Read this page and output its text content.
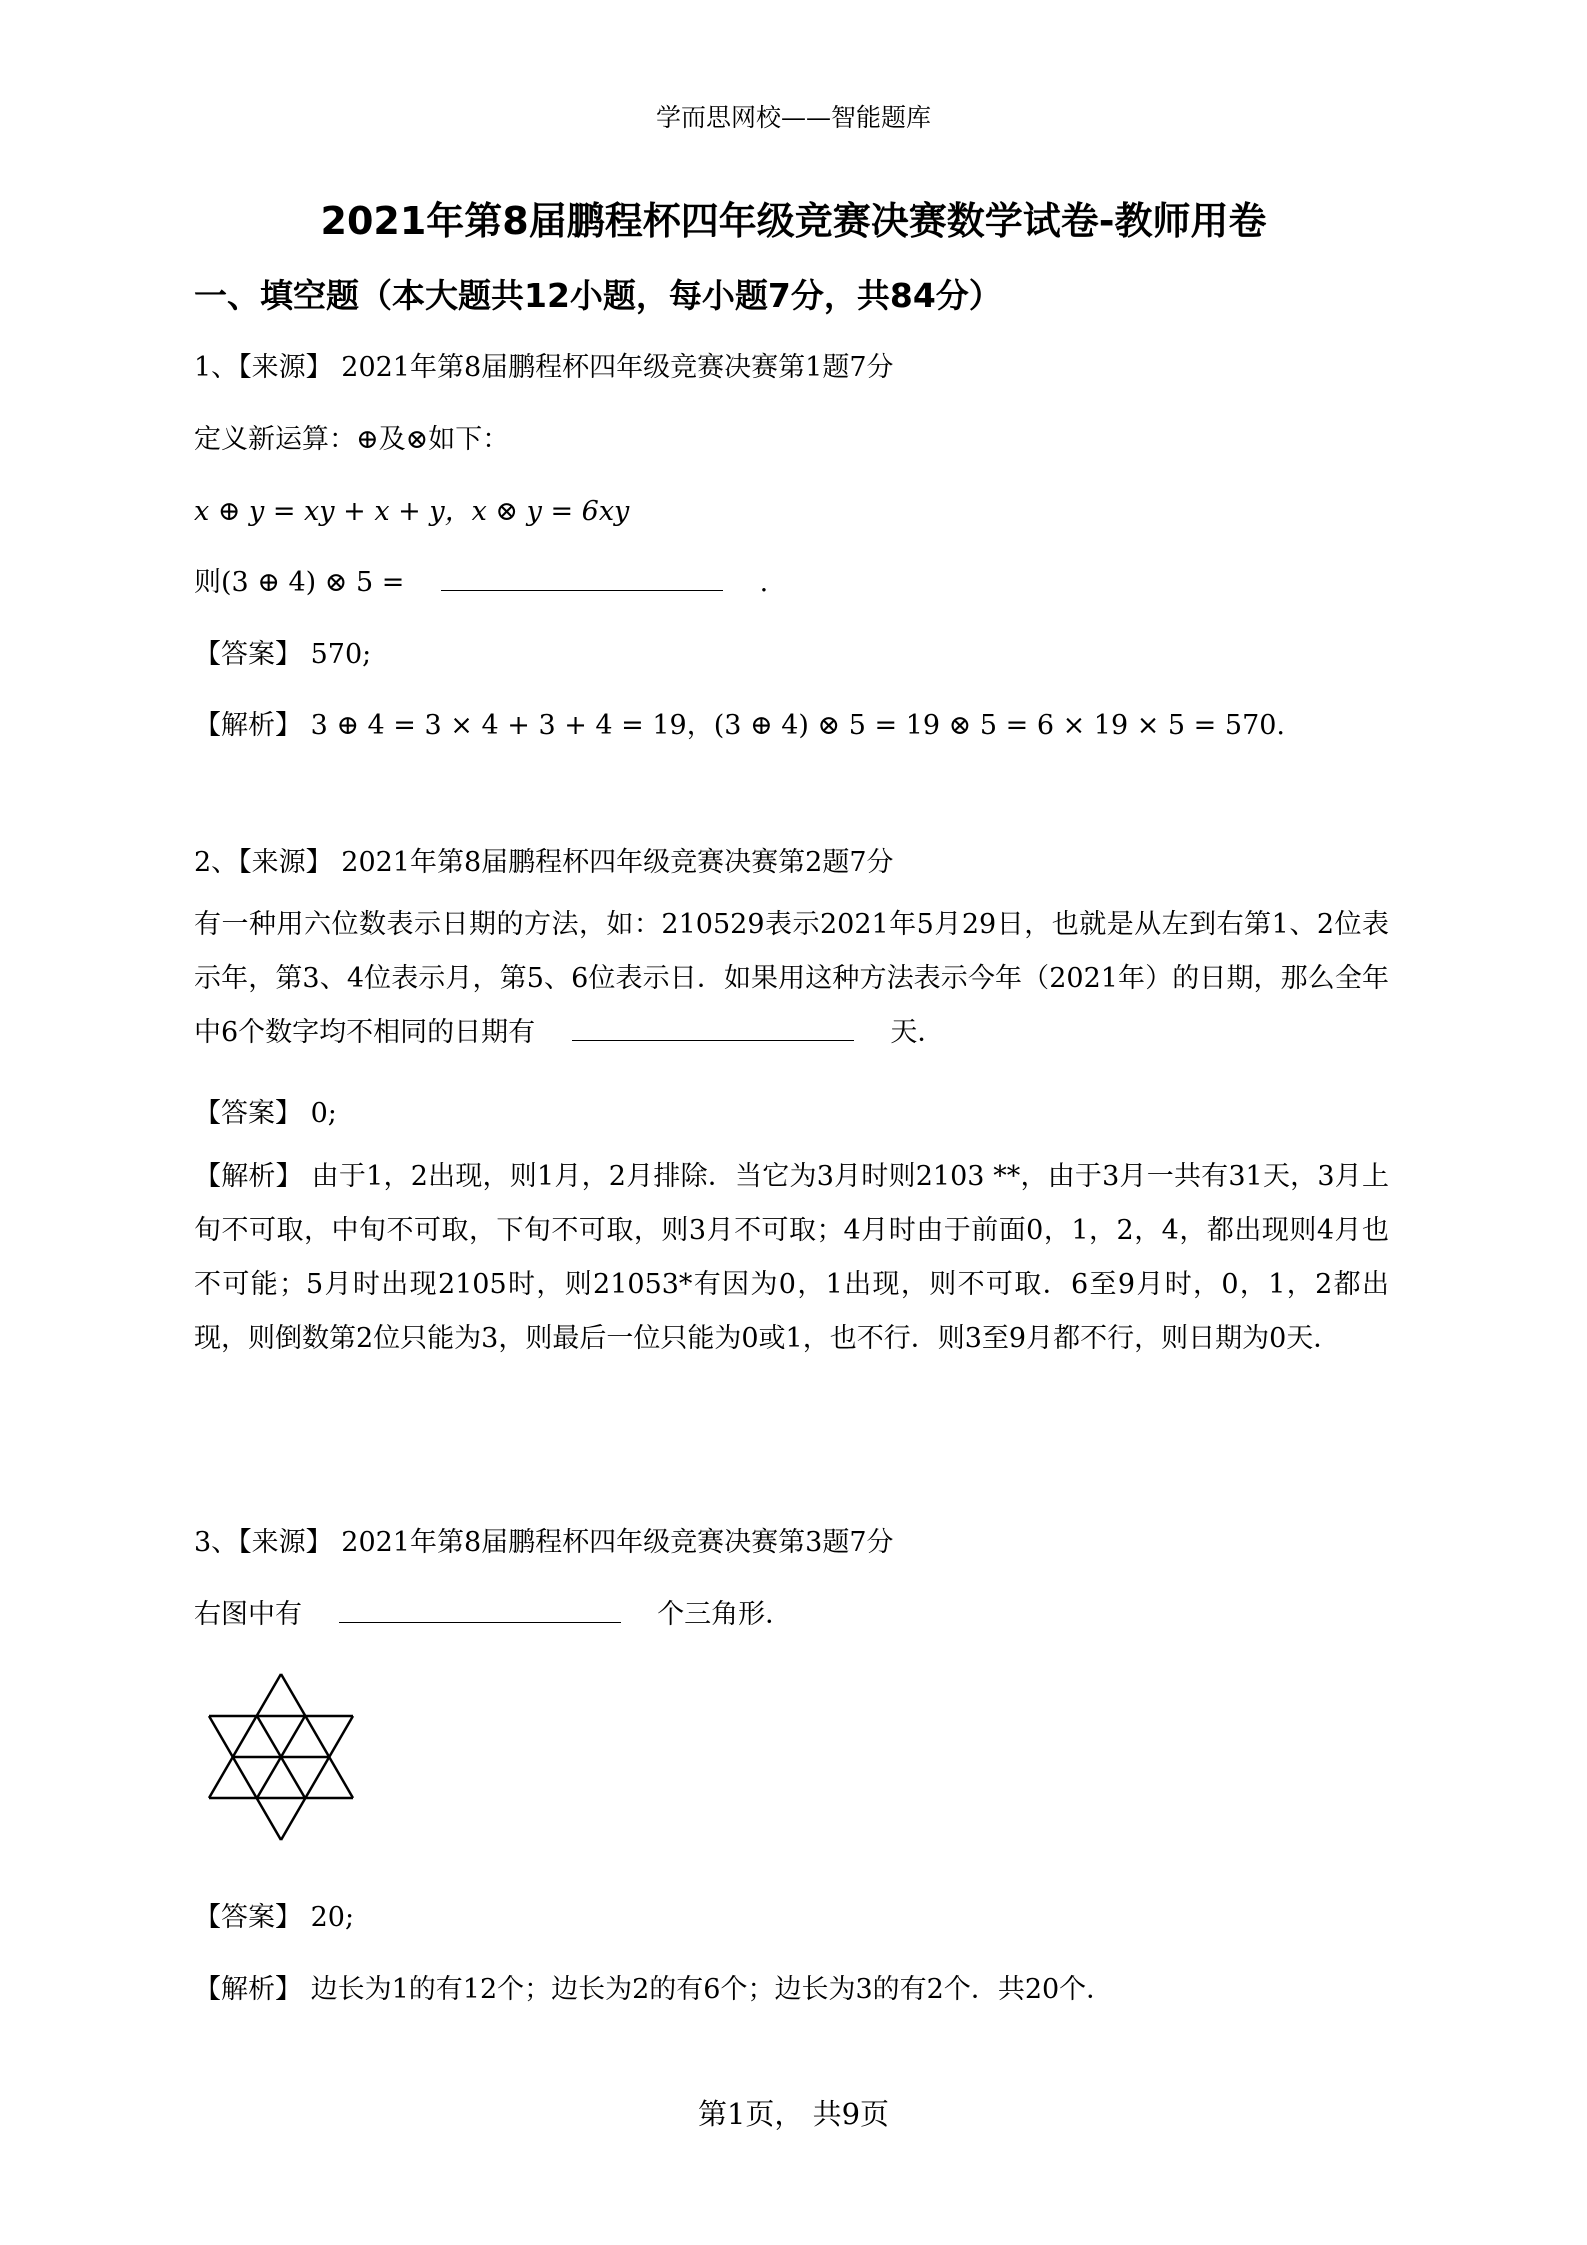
学而思网校——智能题库
2021年第8届鹏程杯四年级竞赛决赛数学试卷-教师用卷
一、填空题（本大题共12小题，每小题7分，共84分）
1、【来源】 2021年第8届鹏程杯四年级竞赛决赛第1题7分
定义新运算：⊕及⊗如下：
x ⊕ y = xy + x + y，x ⊗ y = 6xy
则(3 ⊕ 4) ⊗ 5 =	.
【答案】 570;
【解析】 3 ⊕ 4 = 3 × 4 + 3 + 4 = 19，(3 ⊕ 4) ⊗ 5 = 19 ⊗ 5 = 6 × 19 × 5 = 570.
2、【来源】 2021年第8届鹏程杯四年级竞赛决赛第2题7分
有一种用六位数表示日期的方法，如：210529表示2021年5月29日，也就是从左到右第1、2位表示年，第3、4位表示月，第5、6位表示日．如果用这种方法表示今年（2021年）的日期，那么全年中6个数字均不相同的日期有	天．
【答案】 0;
【解析】 由于1，2出现，则1月，2月排除．当它为3月时则2103 **，由于3月一共有31天，3月上旬不可取，中旬不可取，下旬不可取，则3月不可取；4月时由于前面0，1，2，4，都出现则4月也不可能；5月时出现2105时，则21053*有因为0，1出现，则不可取．6至9月时，0，1，2都出现，则倒数第2位只能为3，则最后一位只能为0或1，也不行．则3至9月都不行，则日期为0天．
3、【来源】 2021年第8届鹏程杯四年级竞赛决赛第3题7分
右图中有	个三角形．
【答案】 20;
【解析】 边长为1的有12个；边长为2的有6个；边长为3的有2个．共20个．
第1页， 共9页
